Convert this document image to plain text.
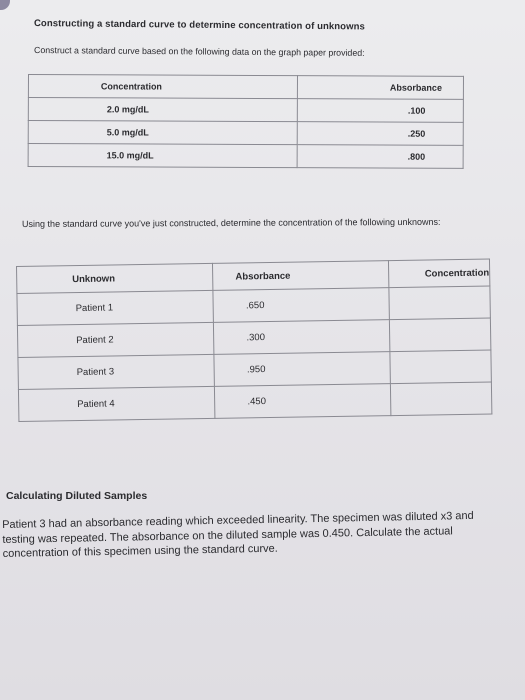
Constructing a standard curve to determine concentration of unknowns
Construct a standard curve based on the following data on the graph paper provided:
Concentration	Absorbance
2.0 mg/dL	.100
5.0 mg/dL	.250
15.0 mg/dL	.800
Using the standard curve you've just constructed, determine the concentration of the following unknowns:
Unknown	Absorbance	Concentration
Patient 1	.650	
Patient 2	.300	
Patient 3	.950	
Patient 4	.450	
Calculating Diluted Samples
Patient 3 had an absorbance reading which exceeded linearity. The specimen was diluted x3 and testing was repeated. The absorbance on the diluted sample was 0.450. Calculate the actual concentration of this specimen using the standard curve.
